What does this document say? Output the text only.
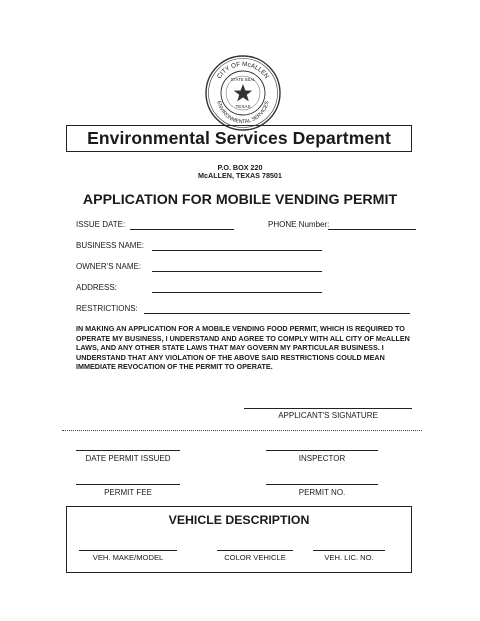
CITY OF McALLEN
ENVIRONMENTAL SERVICES
STATE SEAL
TEXAS
Environmental Services Department
P.O. BOX 220
McALLEN, TEXAS 78501
APPLICATION FOR MOBILE VENDING PERMIT
ISSUE DATE:	PHONE Number:
BUSINESS NAME:
OWNER'S NAME:
ADDRESS:
RESTRICTIONS:
IN MAKING AN APPLICATION FOR A MOBILE VENDING FOOD PERMIT, WHICH IS REQUIRED TO OPERATE MY BUSINESS, I UNDERSTAND AND AGREE TO COMPLY WITH ALL CITY OF McALLEN LAWS, AND ANY OTHER STATE LAWS THAT MAY GOVERN MY PARTICULAR BUSINESS. I UNDERSTAND THAT ANY VIOLATION OF THE ABOVE SAID RESTRICTIONS COULD MEAN IMMEDIATE REVOCATION OF THE PERMIT TO OPERATE.
APPLICANT'S SIGNATURE
DATE PERMIT ISSUED	INSPECTOR
PERMIT FEE	PERMIT NO.
VEHICLE DESCRIPTION
VEH. MAKE/MODEL	COLOR VEHICLE	VEH. LIC. NO.
